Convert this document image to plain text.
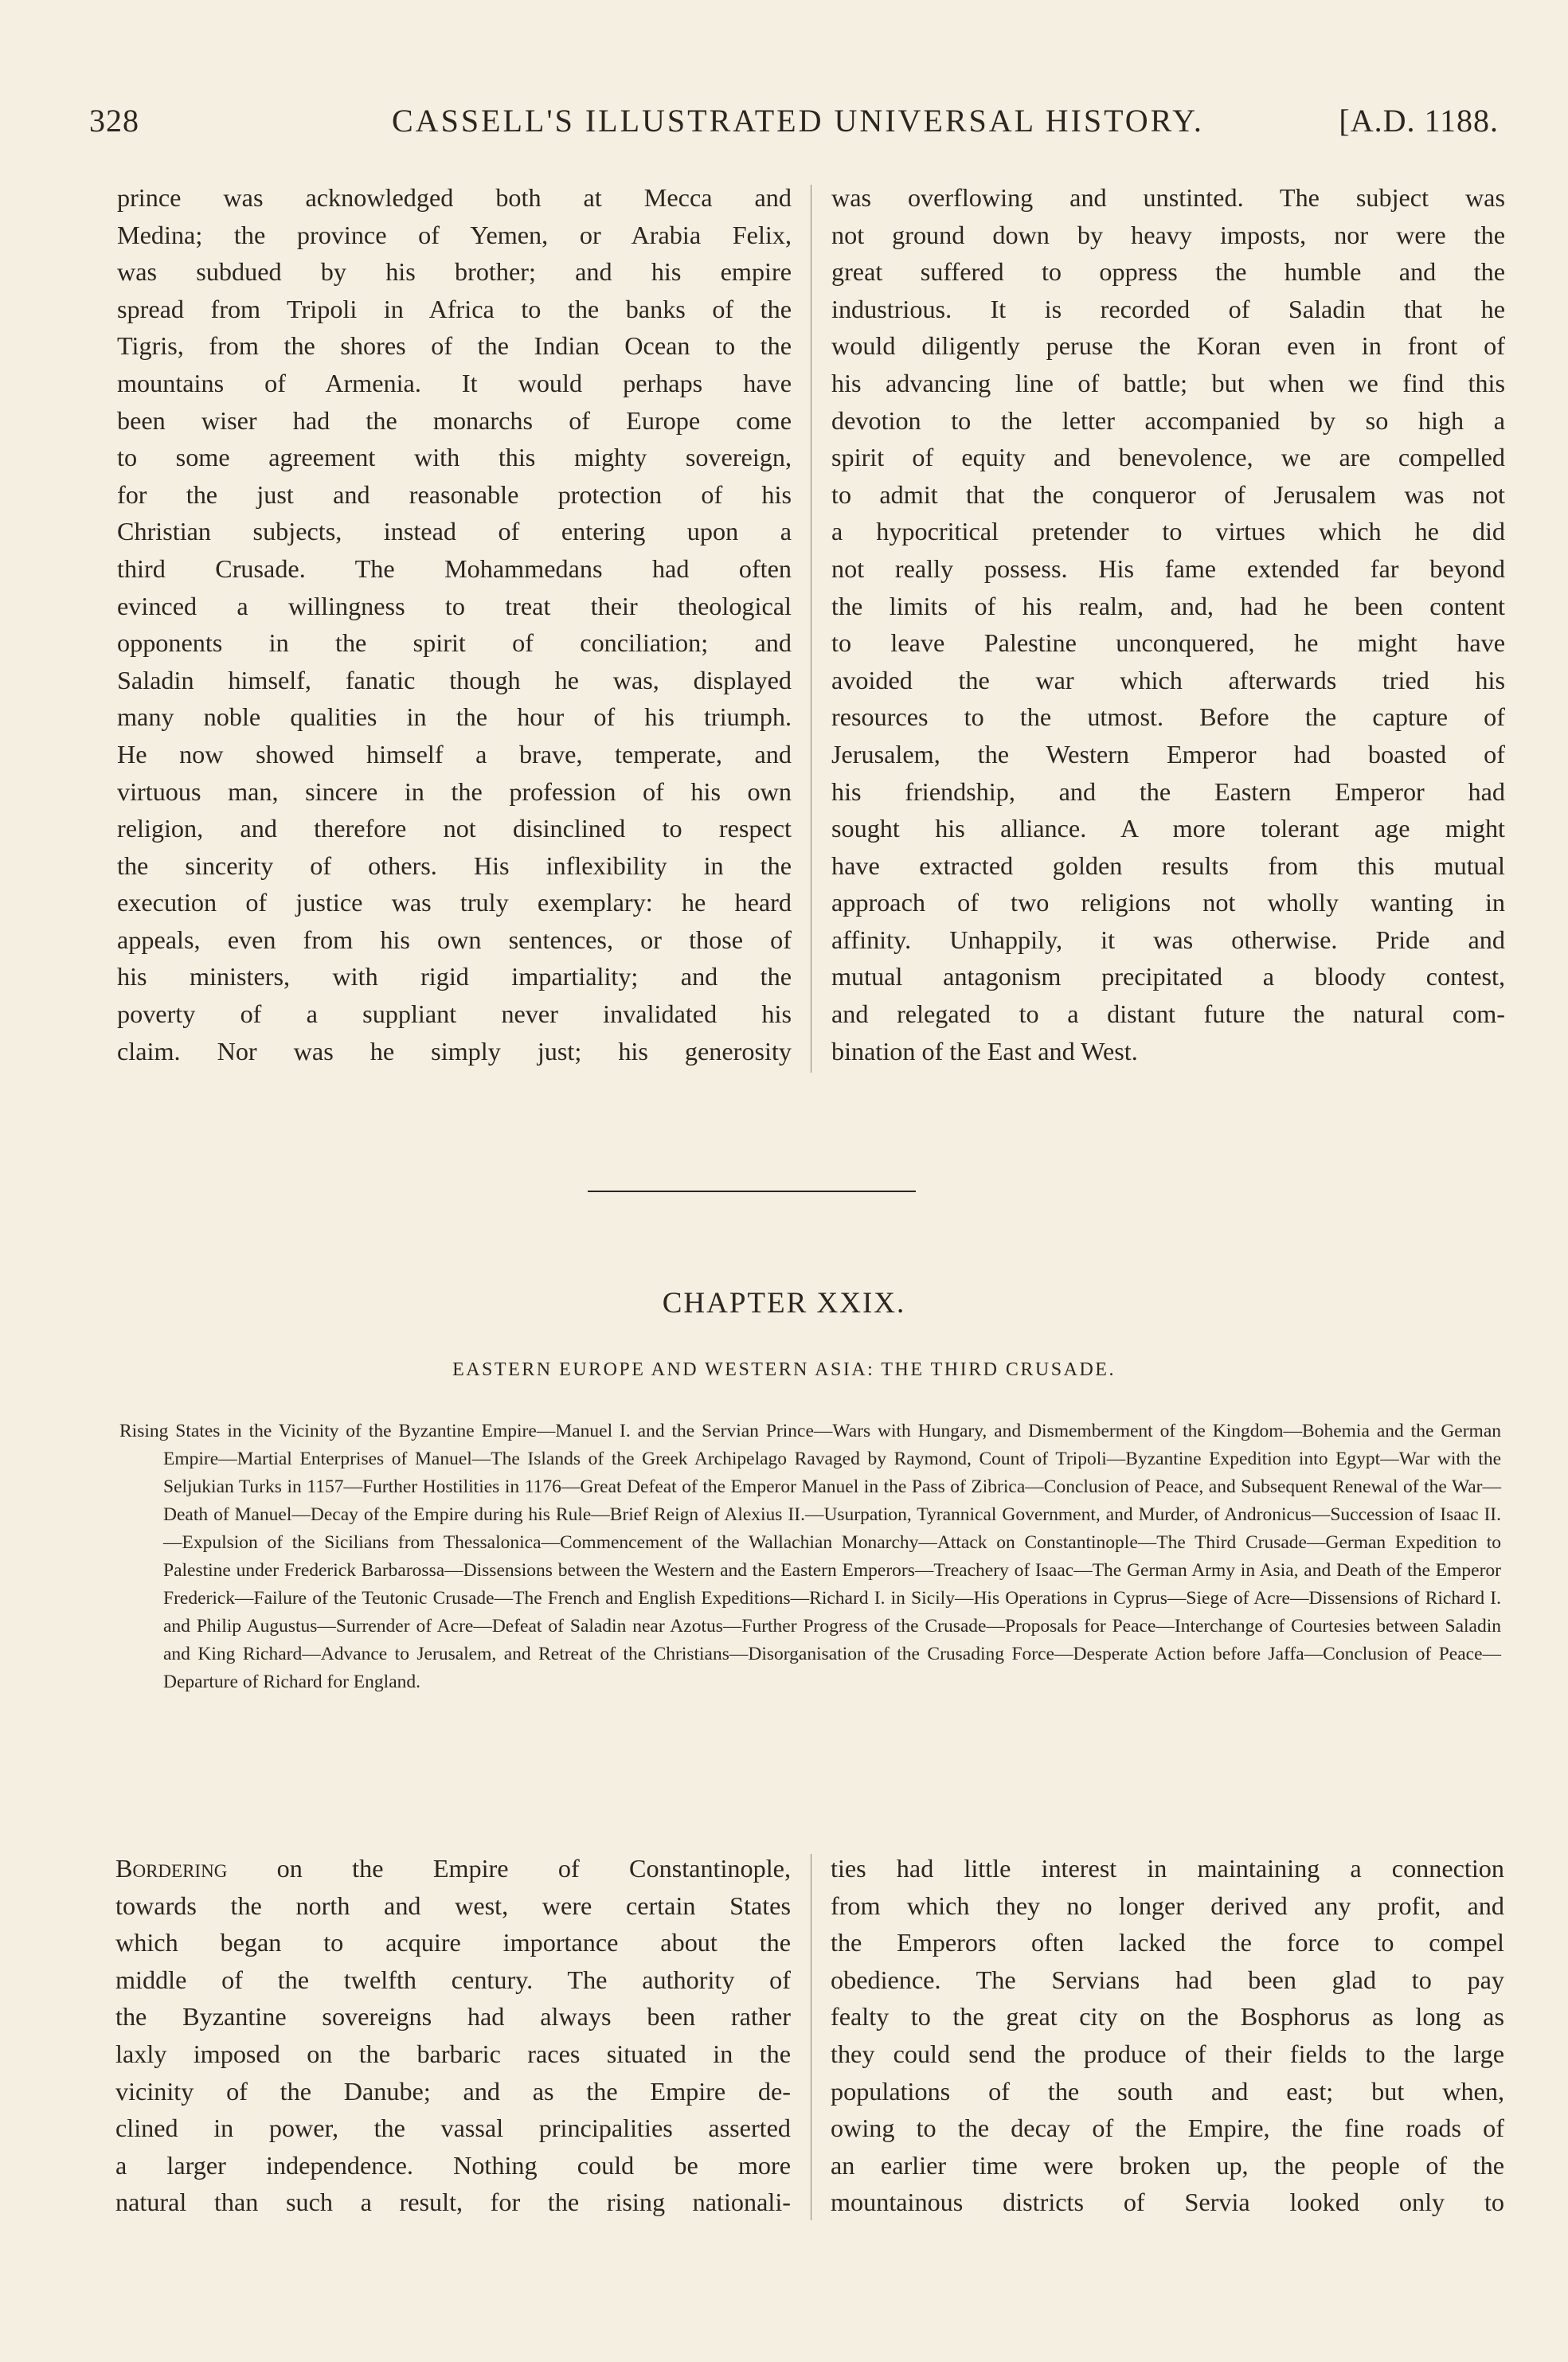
328	CASSELL'S ILLUSTRATED UNIVERSAL HISTORY.	[A.D. 1188.

prince was acknowledged both at Mecca and

Medina; the province of Yemen, or Arabia Felix,

was subdued by his brother; and his empire

spread from Tripoli in Africa to the banks of the

Tigris, from the shores of the Indian Ocean to the

mountains of Armenia. It would perhaps have

been wiser had the monarchs of Europe come

to some agreement with this mighty sovereign,

for the just and reasonable protection of his

Christian subjects, instead of entering upon a

third Crusade. The Mohammedans had often

evinced a willingness to treat their theological

opponents in the spirit of conciliation; and

Saladin himself, fanatic though he was, displayed

many noble qualities in the hour of his triumph.

He now showed himself a brave, temperate, and

virtuous man, sincere in the profession of his own

religion, and therefore not disinclined to respect

the sincerity of others. His inflexibility in the

execution of justice was truly exemplary: he heard

appeals, even from his own sentences, or those of

his ministers, with rigid impartiality; and the

poverty of a suppliant never invalidated his

claim. Nor was he simply just; his generosity

was overflowing and unstinted. The subject was

not ground down by heavy imposts, nor were the

great suffered to oppress the humble and the

industrious. It is recorded of Saladin that he

would diligently peruse the Koran even in front of

his advancing line of battle; but when we find this

devotion to the letter accompanied by so high a

spirit of equity and benevolence, we are compelled

to admit that the conqueror of Jerusalem was not

a hypocritical pretender to virtues which he did

not really possess. His fame extended far beyond

the limits of his realm, and, had he been content

to leave Palestine unconquered, he might have

avoided the war which afterwards tried his

resources to the utmost. Before the capture of

Jerusalem, the Western Emperor had boasted of

his friendship, and the Eastern Emperor had

sought his alliance. A more tolerant age might

have extracted golden results from this mutual

approach of two religions not wholly wanting in

affinity. Unhappily, it was otherwise. Pride and

mutual antagonism precipitated a bloody contest,

and relegated to a distant future the natural com-

bination of the East and West.

CHAPTER XXIX.
EASTERN EUROPE AND WESTERN ASIA: THE THIRD CRUSADE.

Rising States in the Vicinity of the Byzantine Empire—Manuel I. and the Servian Prince—Wars with Hungary, and Dismemberment of the Kingdom—Bohemia and the German Empire—Martial Enterprises of Manuel—The Islands of the Greek Archipelago Ravaged by Raymond, Count of Tripoli—Byzantine Expedition into Egypt—War with the Seljukian Turks in 1157—Further Hostilities in 1176—Great Defeat of the Emperor Manuel in the Pass of Zibrica—Conclusion of Peace, and Subsequent Renewal of the War—Death of Manuel—Decay of the Empire during his Rule—Brief Reign of Alexius II.—Usurpation, Tyrannical Government, and Murder, of Andronicus—Succession of Isaac II.—Expulsion of the Sicilians from Thessalonica—Commencement of the Wallachian Monarchy—Attack on Constantinople—The Third Crusade—German Expedition to Palestine under Frederick Barbarossa—Dissensions between the Western and the Eastern Emperors—Treachery of Isaac—The German Army in Asia, and Death of the Emperor Frederick—Failure of the Teutonic Crusade—The French and English Expeditions—Richard I. in Sicily—His Operations in Cyprus—Siege of Acre—Dissensions of Richard I. and Philip Augustus—Surrender of Acre—Defeat of Saladin near Azotus—Further Progress of the Crusade—Proposals for Peace—Interchange of Courtesies between Saladin and King Richard—Advance to Jerusalem, and Retreat of the Christians—Disorganisation of the Crusading Force—Desperate Action before Jaffa—Conclusion of Peace—Departure of Richard for England.

Bordering on the Empire of Constantinople,

towards the north and west, were certain States

which began to acquire importance about the

middle of the twelfth century. The authority of

the Byzantine sovereigns had always been rather

laxly imposed on the barbaric races situated in the

vicinity of the Danube; and as the Empire de-

clined in power, the vassal principalities asserted

a larger independence. Nothing could be more

natural than such a result, for the rising nationali-

ties had little interest in maintaining a connection

from which they no longer derived any profit, and

the Emperors often lacked the force to compel

obedience. The Servians had been glad to pay

fealty to the great city on the Bosphorus as long as

they could send the produce of their fields to the large

populations of the south and east; but when,

owing to the decay of the Empire, the fine roads of

an earlier time were broken up, the people of the

mountainous districts of Servia looked only to
